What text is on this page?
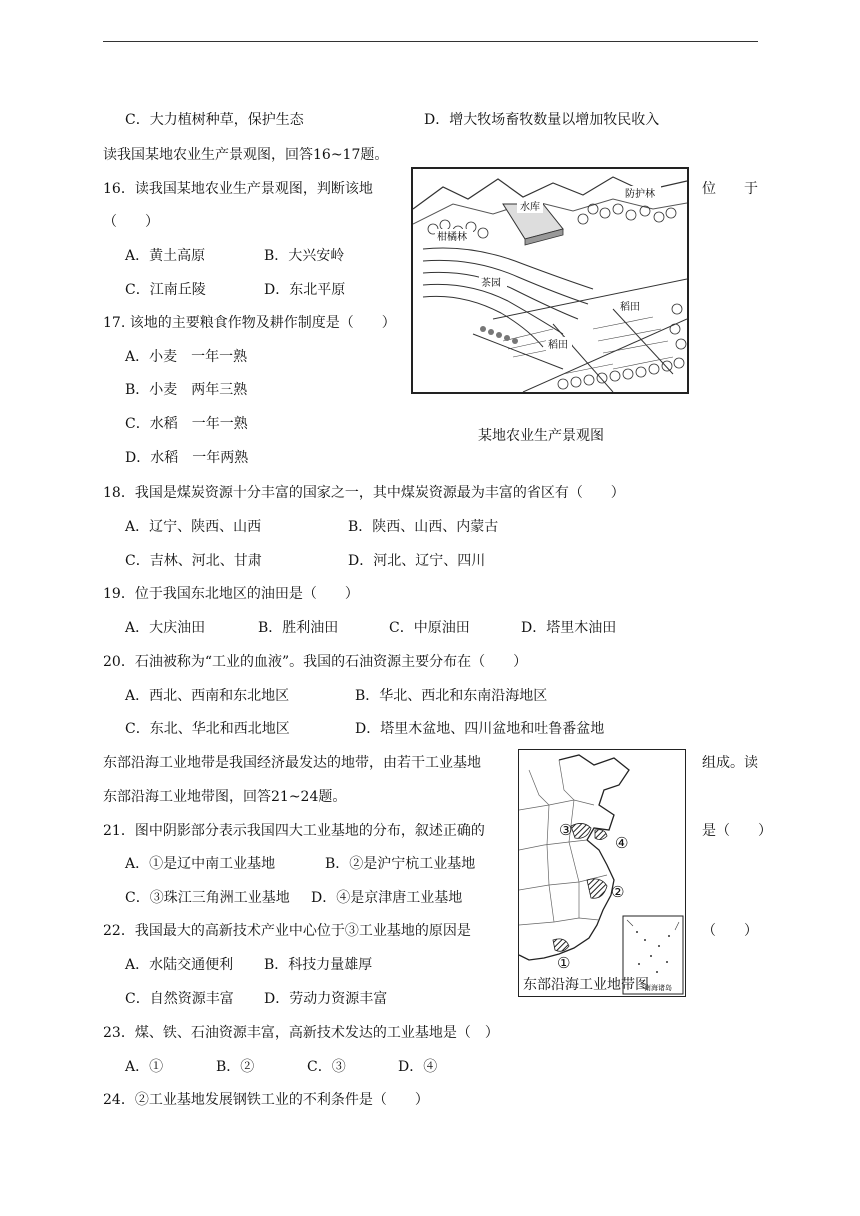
C．大力植树种草，保护生态	D．增大牧场畜牧数量以增加牧民收入
读我国某地农业生产景观图，回答16~17题。
16．读我国某地农业生产景观图，判断该地	位 于
（　　）
A．黄土高原	B．大兴安岭
C．江南丘陵	D．东北平原
17. 该地的主要粮食作物及耕作制度是（　　）
A．小麦　一年一熟
B．小麦　两年三熟
C．水稻　一年一熟
D．水稻　一年两熟
水库
防护林
柑橘林
茶园
稻田
稻田
某地农业生产景观图
18．我国是煤炭资源十分丰富的国家之一，其中煤炭资源最为丰富的省区有（　　）
A．辽宁、陕西、山西	B．陕西、山西、内蒙古
C．吉林、河北、甘肃	D．河北、辽宁、四川
19．位于我国东北地区的油田是（　　）
A．大庆油田	B．胜利油田	C．中原油田	D．塔里木油田
20．石油被称为“工业的血液”。我国的石油资源主要分布在（　　）
A．西北、西南和东北地区	B．华北、西北和东南沿海地区
C．东北、华北和西北地区	D．塔里木盆地、四川盆地和吐鲁番盆地
东部沿海工业地带是我国经济最发达的地带，由若干工业基地	组成。读
东部沿海工业地带图，回答21~24题。
21．图中阴影部分表示我国四大工业基地的分布，叙述正确的	是（　　）
A．①是辽中南工业基地	B．②是沪宁杭工业基地
C．③珠江三角洲工业基地 D．④是京津唐工业基地
22．我国最大的高新技术产业中心位于③工业基地的原因是	（　　）
A．水陆交通便利 B．科技力量雄厚
C．自然资源丰富 D．劳动力资源丰富
③
④
②
①
南海诸岛
东部沿海工业地带图
23．煤、铁、石油资源丰富，高新技术发达的工业基地是（　）
A．①	B．②	C．③	D．④
24．②工业基地发展钢铁工业的不利条件是（　　）
